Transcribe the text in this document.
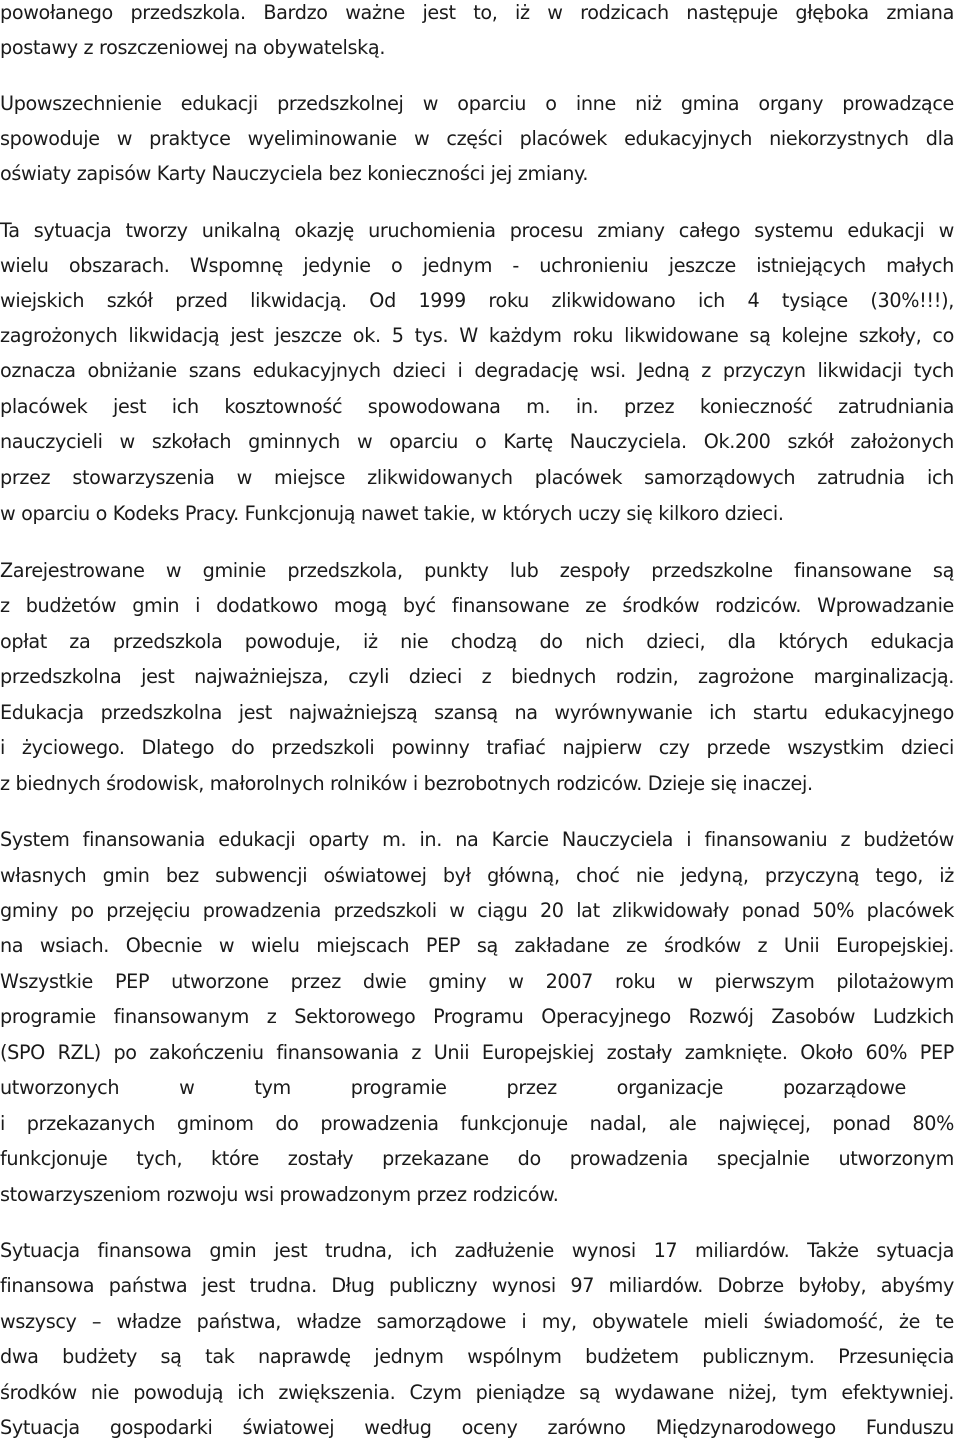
powołanego przedszkola. Bardzo ważne jest to, iż w rodzicach następuje głęboka zmiana
postawy z roszczeniowej na obywatelską.
Upowszechnienie edukacji przedszkolnej w oparciu o inne niż gmina organy prowadzące
spowoduje w praktyce wyeliminowanie w części placówek edukacyjnych niekorzystnych dla
oświaty zapisów Karty Nauczyciela bez konieczności jej zmiany.
Ta sytuacja tworzy unikalną okazję uruchomienia procesu zmiany całego systemu edukacji w
wielu obszarach. Wspomnę jedynie o jednym - uchronieniu jeszcze istniejących małych
wiejskich szkół przed likwidacją. Od 1999 roku zlikwidowano ich 4 tysiące (30%!!!),
zagrożonych likwidacją jest jeszcze ok. 5 tys. W każdym roku likwidowane są kolejne szkoły, co
oznacza obniżanie szans edukacyjnych dzieci i degradację wsi. Jedną z przyczyn likwidacji tych
placówek jest ich kosztowność spowodowana m. in. przez konieczność zatrudniania
nauczycieli w szkołach gminnych w oparciu o Kartę Nauczyciela. Ok.200 szkół założonych
przez stowarzyszenia w miejsce zlikwidowanych placówek samorządowych zatrudnia ich
w oparciu o Kodeks Pracy. Funkcjonują nawet takie, w których uczy się kilkoro dzieci.
Zarejestrowane w gminie przedszkola, punkty lub zespoły przedszkolne finansowane są
z budżetów gmin i dodatkowo mogą być finansowane ze środków rodziców. Wprowadzanie
opłat za przedszkola powoduje, iż nie chodzą do nich dzieci, dla których edukacja
przedszkolna jest najważniejsza, czyli dzieci z biednych rodzin, zagrożone marginalizacją.
Edukacja przedszkolna jest najważniejszą szansą na wyrównywanie ich startu edukacyjnego
i życiowego. Dlatego do przedszkoli powinny trafiać najpierw czy przede wszystkim dzieci
z biednych środowisk, małorolnych rolników i bezrobotnych rodziców. Dzieje się inaczej.
System finansowania edukacji oparty m. in. na Karcie Nauczyciela i finansowaniu z budżetów
własnych gmin bez subwencji oświatowej był główną, choć nie jedyną, przyczyną tego, iż
gminy po przejęciu prowadzenia przedszkoli w ciągu 20 lat zlikwidowały ponad 50% placówek
na wsiach. Obecnie w wielu miejscach PEP są zakładane ze środków z Unii Europejskiej.
Wszystkie PEP utworzone przez dwie gminy w 2007 roku w pierwszym pilotażowym
programie finansowanym z Sektorowego Programu Operacyjnego Rozwój Zasobów Ludzkich
(SPO RZL) po zakończeniu finansowania z Unii Europejskiej zostały zamknięte. Około 60% PEP
utworzonych w tym programie przez organizacje pozarządowe
i przekazanych gminom do prowadzenia funkcjonuje nadal, ale najwięcej, ponad 80%
funkcjonuje tych, które zostały przekazane do prowadzenia specjalnie utworzonym
stowarzyszeniom rozwoju wsi prowadzonym przez rodziców.
Sytuacja finansowa gmin jest trudna, ich zadłużenie wynosi 17 miliardów. Także sytuacja
finansowa państwa jest trudna. Dług publiczny wynosi 97 miliardów. Dobrze byłoby, abyśmy
wszyscy – władze państwa, władze samorządowe i my, obywatele mieli świadomość, że te
dwa budżety są tak naprawdę jednym wspólnym budżetem publicznym. Przesunięcia
środków nie powodują ich zwiększenia. Czym pieniądze są wydawane niżej, tym efektywniej.
Sytuacja gospodarki światowej według oceny zarówno Międzynarodowego Funduszu
